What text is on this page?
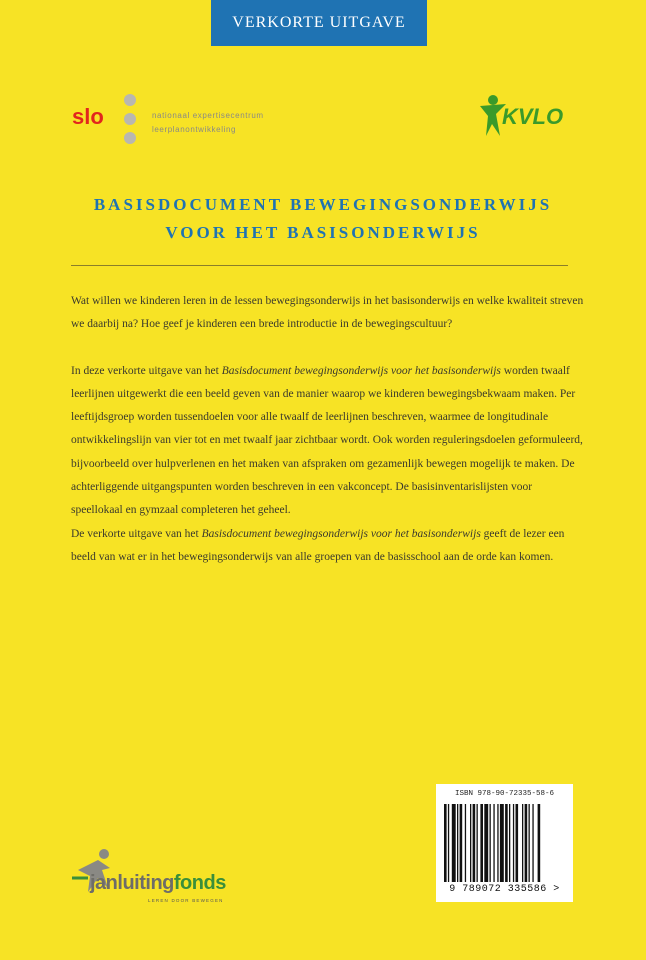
VERKORTE UITGAVE
slo	nationaal expertisecentrum
leerplanontwikkeling
KVLO
BASISDOCUMENT BEWEGINGSONDERWIJS
VOOR HET BASISONDERWIJS

Wat willen we kinderen leren in de lessen bewegingsonderwijs in het basisonderwijs en welke kwaliteit streven we daarbij na? Hoe geef je kinderen een brede introductie in de bewegingscultuur?

In deze verkorte uitgave van het Basisdocument bewegingsonderwijs voor het basisonderwijs worden twaalf leerlijnen uitgewerkt die een beeld geven van de manier waarop we kinderen bewegingsbekwaam maken. Per leeftijdsgroep worden tussendoelen voor alle twaalf de leerlijnen beschreven, waarmee de longitudinale ontwikkelingslijn van vier tot en met twaalf jaar zichtbaar wordt. Ook worden reguleringsdoelen geformuleerd, bijvoorbeeld over hulpverlenen en het maken van afspraken om gezamenlijk bewegen mogelijk te maken. De achterliggende uitgangspunten worden beschreven in een vakconcept. De basisinventarislijsten voor speellokaal en gymzaal completeren het geheel.

De verkorte uitgave van het Basisdocument bewegingsonderwijs voor het basisonderwijs geeft de lezer een beeld van wat er in het bewegingsonderwijs van alle groepen van de basisschool aan de orde kan komen.

ISBN 978-90-72335-58-6
9 789072 335586 >
janluitingfonds
LEREN DOOR BEWEGEN
